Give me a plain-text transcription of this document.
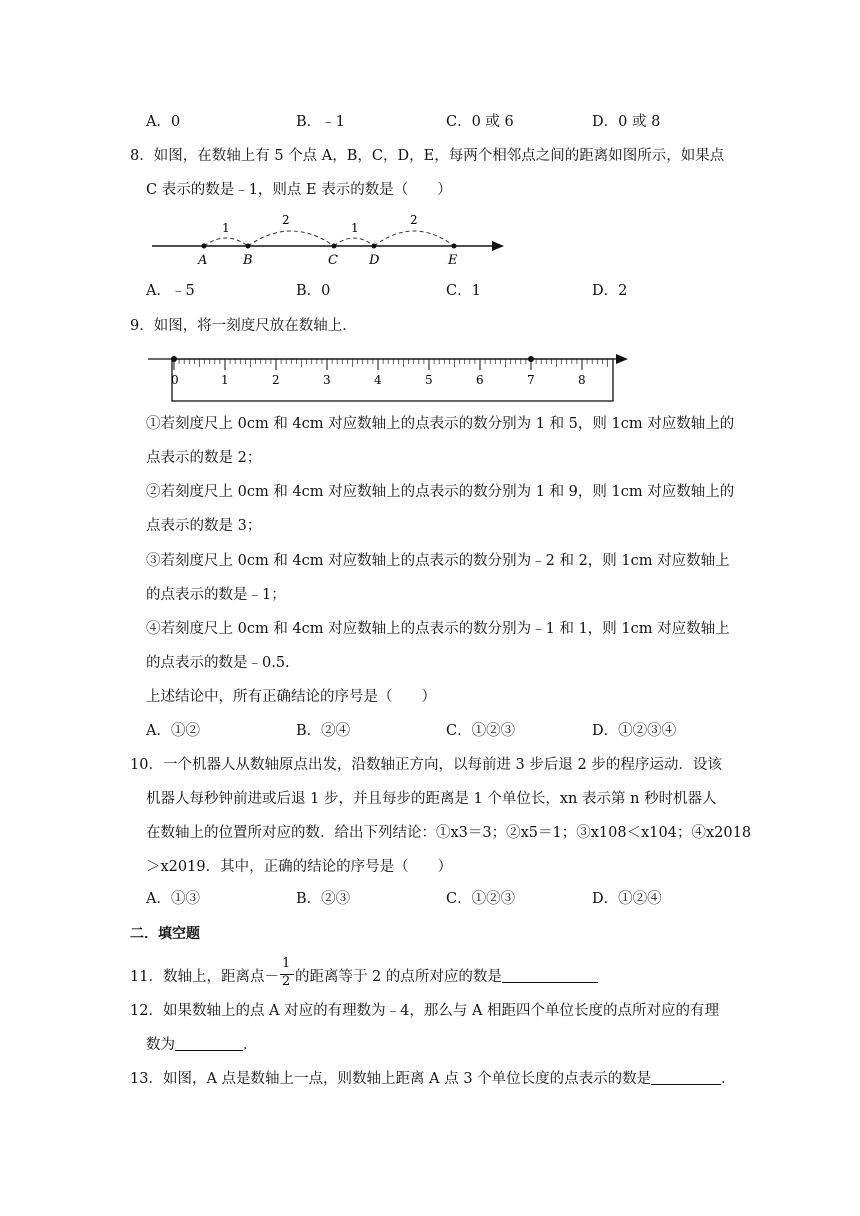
A．0	B．﹣1	C．0 或 6	D．0 或 8
8．如图，在数轴上有 5 个点 A，B，C，D，E，每两个相邻点之间的距离如图所示，如果点
C 表示的数是﹣1，则点 E 表示的数是（　　）
1
2
1
2
A	B	C D	E
A．﹣5	B．0	C．1	D．2
9．如图，将一刻度尺放在数轴上．
0	1	2	3	4	5	6	7	8
①若刻度尺上 0cm 和 4cm 对应数轴上的点表示的数分别为 1 和 5，则 1cm 对应数轴上的
点表示的数是 2；
②若刻度尺上 0cm 和 4cm 对应数轴上的点表示的数分别为 1 和 9，则 1cm 对应数轴上的
点表示的数是 3；
③若刻度尺上 0cm 和 4cm 对应数轴上的点表示的数分别为﹣2 和 2，则 1cm 对应数轴上
的点表示的数是﹣1；
④若刻度尺上 0cm 和 4cm 对应数轴上的点表示的数分别为﹣1 和 1，则 1cm 对应数轴上
的点表示的数是﹣0.5.
上述结论中，所有正确结论的序号是（　　）
A．①②	B．②④	C．①②③	D．①②③④
10．一个机器人从数轴原点出发，沿数轴正方向，以每前进 3 步后退 2 步的程序运动．设该
机器人每秒钟前进或后退 1 步，并且每步的距离是 1 个单位长，xn 表示第 n 秒时机器人
在数轴上的位置所对应的数．给出下列结论：①x3＝3；②x5＝1；③x108＜x104；④x2018
＞x2019．其中，正确的结论的序号是（　　）
A．①③	B．②③	C．①②③	D．①②④
二．填空题
11．数轴上，距离点－ $\frac{1}{2}$ 的距离等于 2 的点所对应的数是
12．如果数轴上的点 A 对应的有理数为﹣4，那么与 A 相距四个单位长度的点所对应的有理
数为	．
13．如图，A 点是数轴上一点，则数轴上距离 A 点 3 个单位长度的点表示的数是	．
